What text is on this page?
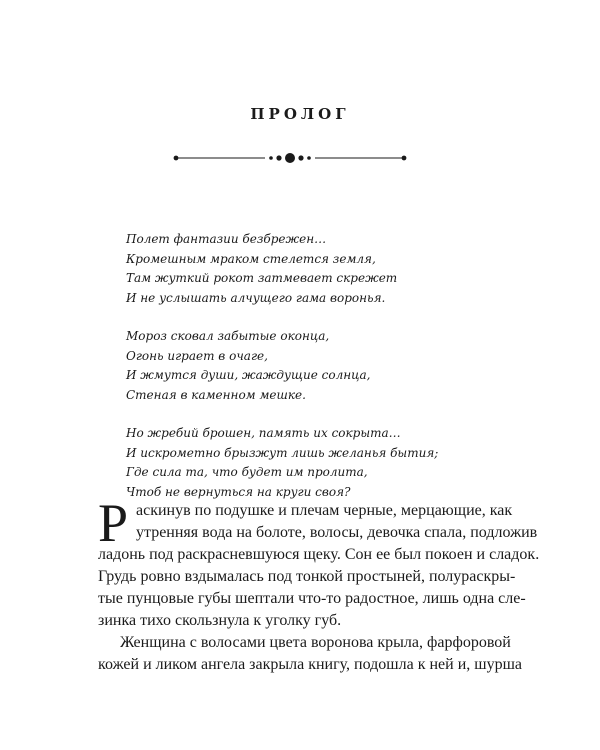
ПРОЛОГ

Полет фантазии безбрежен…
Кромешным мраком стелется земля,
Там жуткий рокот затмевает скрежет
И не услышать алчущего гама воронья.

Мороз сковал забытые оконца,
Огонь играет в очаге,
И жмутся души, жаждущие солнца,
Стеная в каменном мешке.

Но жребий брошен, память их сокрыта…
И искрометно брызжут лишь желанья бытия;
Где сила та, что будет им пролита,
Чтоб не вернуться на круги своя?

Р аскинув по подушке и плечам черные, мерцающие, как
утренняя вода на болоте, волосы, девочка спала, подложив
ладонь под раскрасневшуюся щеку. Сон ее был покоен и сладок.
Грудь ровно вздымалась под тонкой простыней, полураскры-
тые пунцовые губы шептали что-то радостное, лишь одна сле-
зинка тихо скользнула к уголку губ.
Женщина с волосами цвета воронова крыла, фарфоровой
кожей и ликом ангела закрыла книгу, подошла к ней и, шурша
